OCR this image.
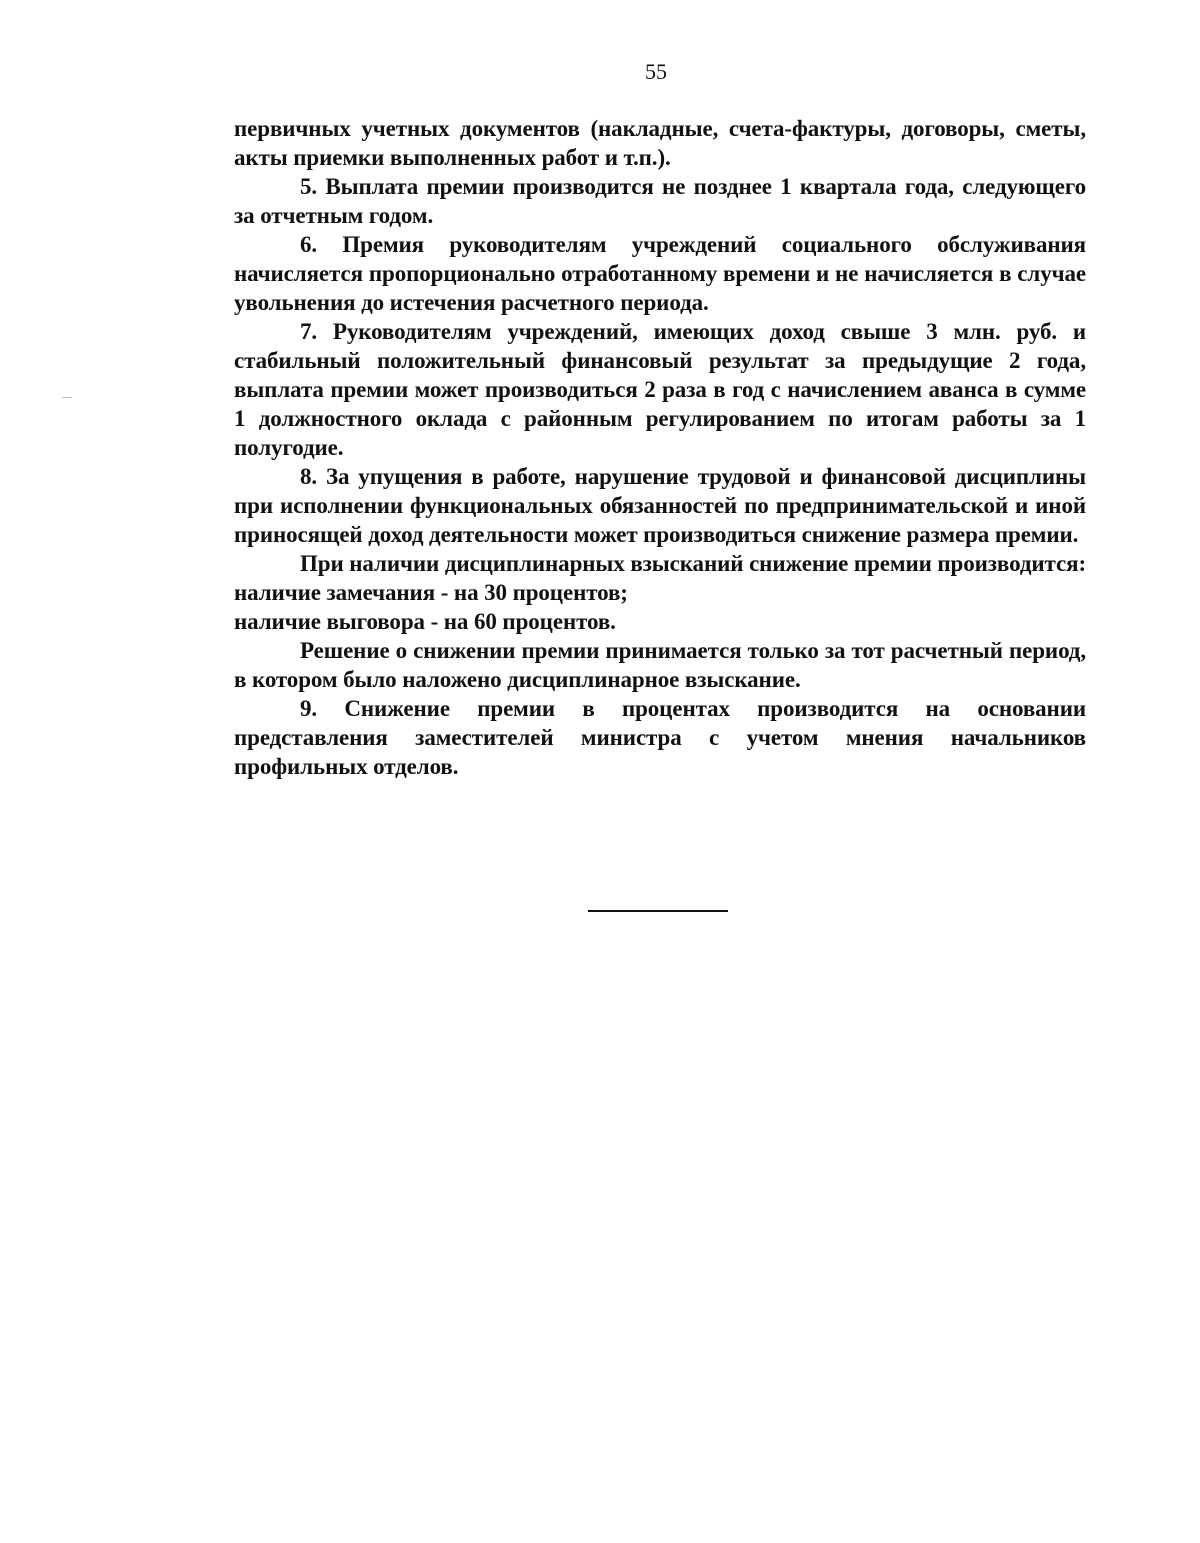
55

первичных учетных документов (накладные, счета-фактуры, договоры, сметы, акты приемки выполненных работ и т.п.).

5. Выплата премии производится не позднее 1 квартала года, следующего за отчетным годом.

6. Премия руководителям учреждений социального обслуживания начисляется пропорционально отработанному времени и не начисляется в случае увольнения до истечения расчетного периода.

7. Руководителям учреждений, имеющих доход свыше 3 млн. руб. и стабильный положительный финансовый результат за предыдущие 2 года, выплата премии может производиться 2 раза в год с начислением аванса в сумме 1 должностного оклада с районным регулированием по итогам работы за 1 полугодие.

8. За упущения в работе, нарушение трудовой и финансовой дисциплины при исполнении функциональных обязанностей по предпринимательской и иной приносящей доход деятельности может производиться снижение размера премии.

При наличии дисциплинарных взысканий снижение премии производится:

наличие замечания - на 30 процентов;

наличие выговора - на 60 процентов.

Решение о снижении премии принимается только за тот расчетный период, в котором было наложено дисциплинарное взыскание.

9. Снижение премии в процентах производится на основании представления заместителей министра с учетом мнения начальников профильных отделов.
